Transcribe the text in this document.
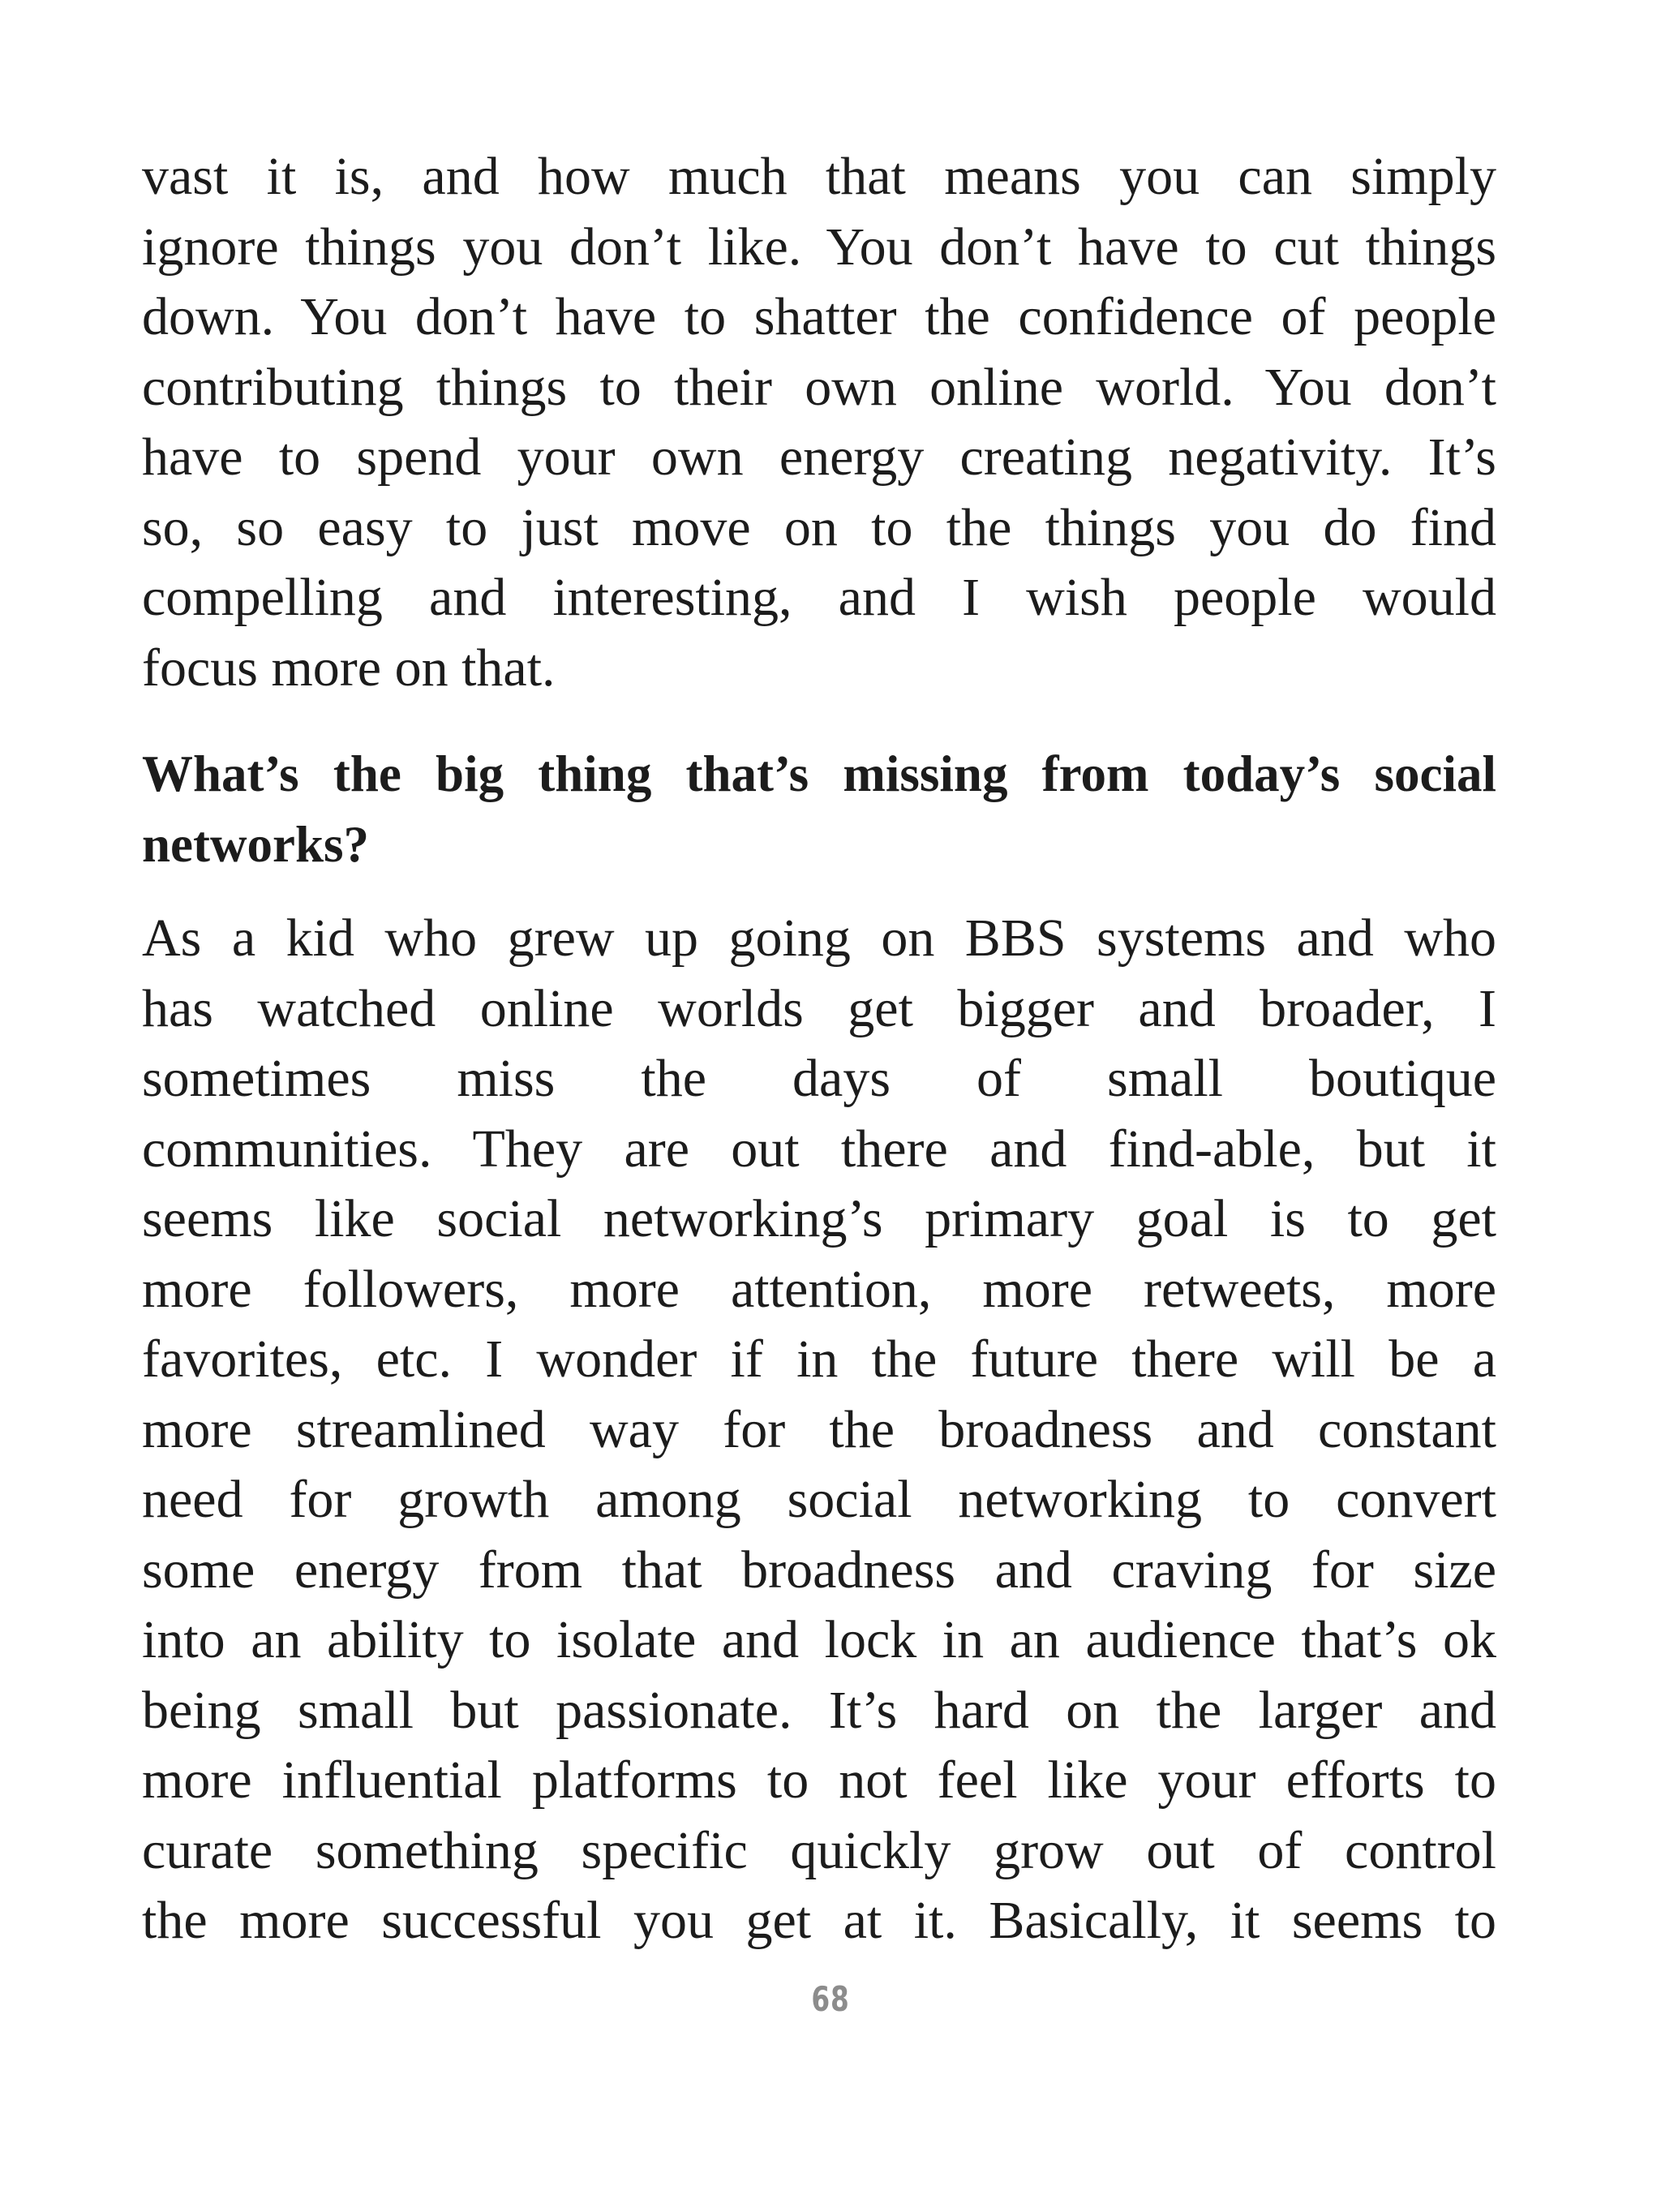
vast it is, and how much that means you can simply
ignore things you don’t like. You don’t have to cut things
down. You don’t have to shatter the confidence of people
contributing things to their own online world. You don’t
have to spend your own energy creating negativity. It’s
so, so easy to just move on to the things you do find
compelling and interesting, and I wish people would
focus more on that.

What’s the big thing that’s missing from today’s social
networks?

As a kid who grew up going on BBS systems and who
has watched online worlds get bigger and broader, I
sometimes miss the days of small boutique
communities. They are out there and find-able, but it
seems like social networking’s primary goal is to get
more followers, more attention, more retweets, more
favorites, etc. I wonder if in the future there will be a
more streamlined way for the broadness and constant
need for growth among social networking to convert
some energy from that broadness and craving for size
into an ability to isolate and lock in an audience that’s ok
being small but passionate. It’s hard on the larger and
more influential platforms to not feel like your efforts to
curate something specific quickly grow out of control
the more successful you get at it. Basically, it seems to

68
